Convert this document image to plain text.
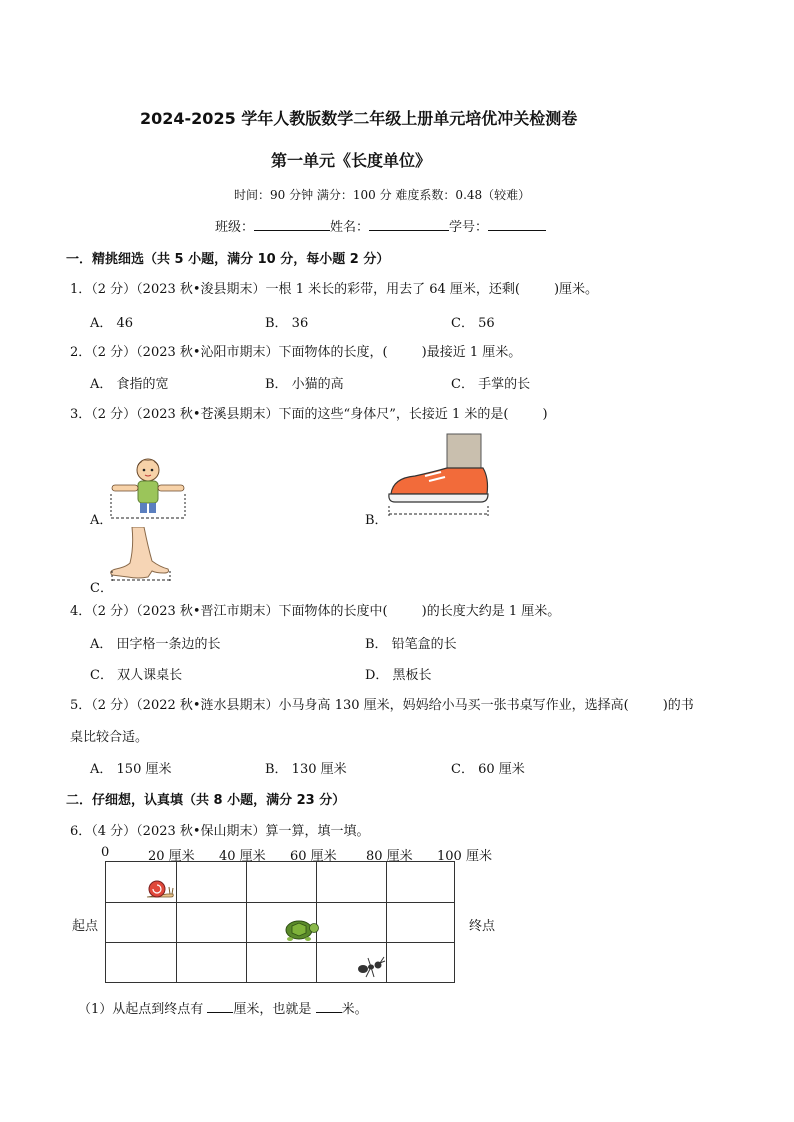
2024-2025 学年人教版数学二年级上册单元培优冲关检测卷
第一单元《长度单位》
时间：90 分钟 满分：100 分 难度系数：0.48（较难）
班级：	姓名：	学号：
一．精挑细选（共 5 小题，满分 10 分，每小题 2 分）
1．（2 分）（2023 秋•浚县期末）一根 1 米长的彩带，用去了 64 厘米，还剩(	)厘米。
A． 46	B． 36	C． 56
2．（2 分）（2023 秋•沁阳市期末）下面物体的长度，(	)最接近 1 厘米。
A． 食指的宽	B． 小猫的高	C． 手掌的长
3．（2 分）（2023 秋•苍溪县期末）下面的这些“身体尺”，长接近 1 米的是(	)
A．	B．
C．
4．（2 分）（2023 秋•晋江市期末）下面物体的长度中(	)的长度大约是 1 厘米。
A． 田字格一条边的长	B． 铅笔盒的长
C． 双人课桌长	D． 黑板长
5．（2 分）（2022 秋•涟水县期末）小马身高 130 厘米，妈妈给小马买一张书桌写作业，选择高(	)的书
桌比较合适。
A． 150 厘米	B． 130 厘米	C． 60 厘米
二．仔细想，认真填（共 8 小题，满分 23 分）
6．（4 分）（2023 秋•保山期末）算一算，填一填。
0	20 厘米 40 厘米 60 厘米 80 厘米 100 厘米
起点	终点
（1）从起点到终点有 厘米，也就是 米。
